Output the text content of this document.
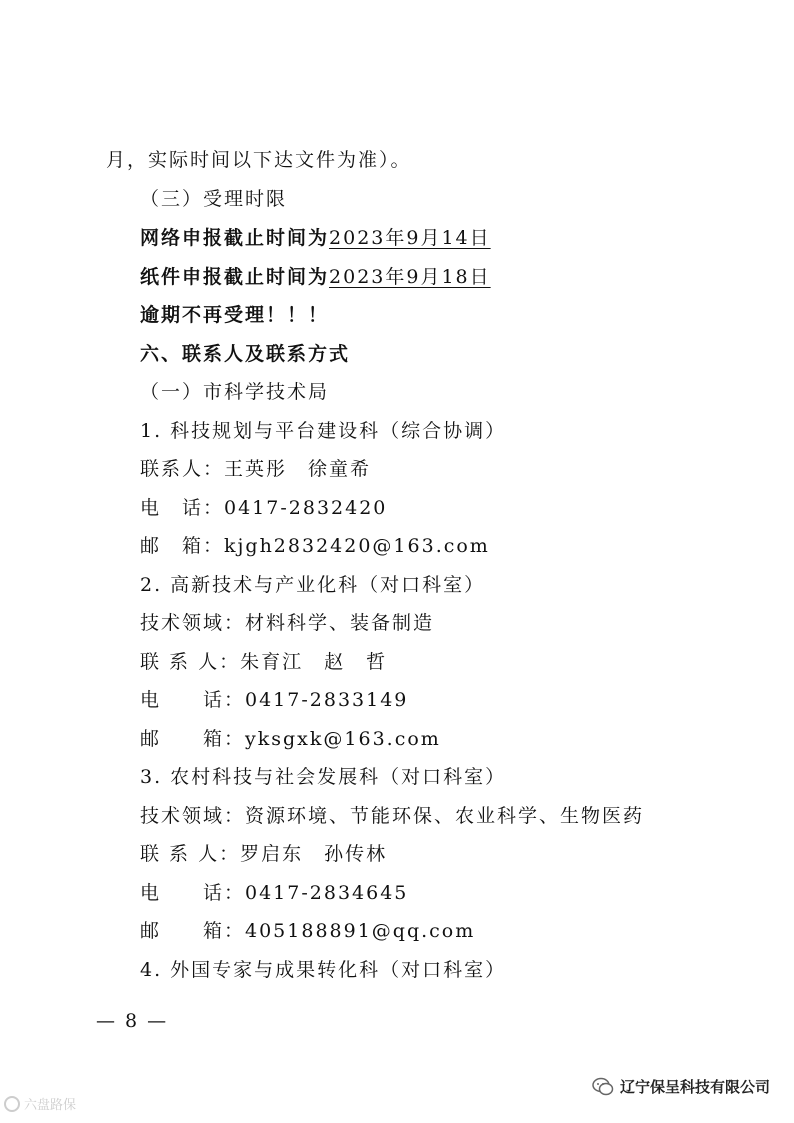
月，实际时间以下达文件为准）。
（三）受理时限
网络申报截止时间为2023年9月14日
纸件申报截止时间为2023年9月18日
逾期不再受理！！！
六、联系人及联系方式
（一）市科学技术局
1. 科技规划与平台建设科（综合协调）
联系人：王英彤　徐童希
电　话：0417-2832420
邮　箱：kjgh2832420@163.com
2. 高新技术与产业化科（对口科室）
技术领域：材料科学、装备制造
联 系 人：朱育江　赵　哲
电　　话：0417-2833149
邮　　箱：yksgxk@163.com
3. 农村科技与社会发展科（对口科室）
技术领域：资源环境、节能环保、农业科学、生物医药
联 系 人：罗启东　孙传林
电　　话：0417-2834645
邮　　箱：405188891@qq.com
4. 外国专家与成果转化科（对口科室）
— 8 —
辽宁保呈科技有限公司
六盘路保
